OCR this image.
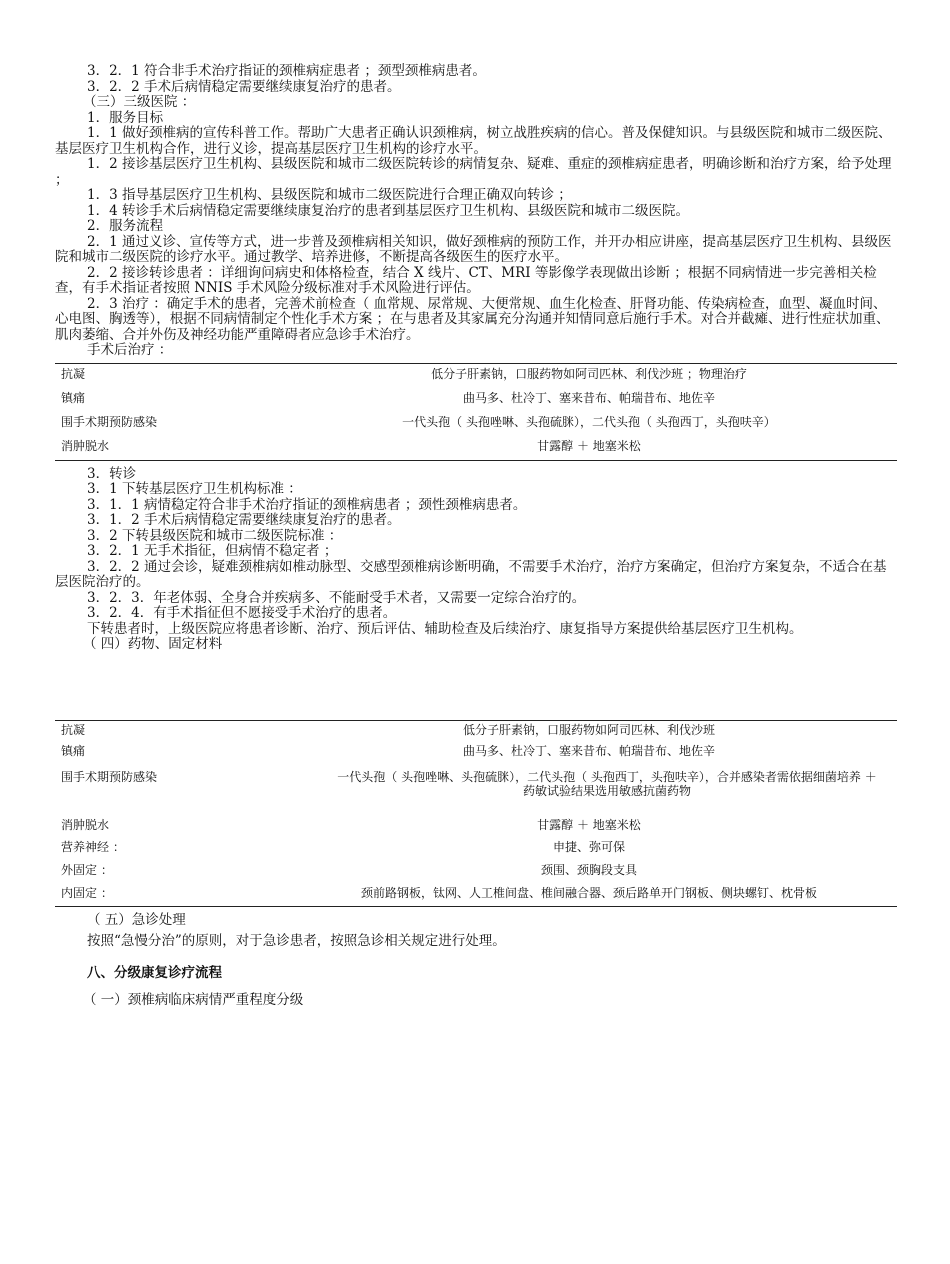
3．2．1 符合非手术治疗指证的颈椎病症患者 ；颈型颈椎病患者。

3．2．2 手术后病情稳定需要继续康复治疗的患者。

（三）三级医院 ：

1．服务目标

1．1 做好颈椎病的宣传科普工作。帮助广大患者正确认识颈椎病，树立战胜疾病的信心。普及保健知识。与县级医院和城市二级医院、基层医疗卫生机构合作，进行义诊，提高基层医疗卫生机构的诊疗水平。

1．2 接诊基层医疗卫生机构、县级医院和城市二级医院转诊的病情复杂、疑难、重症的颈椎病症患者，明确诊断和治疗方案，给予处理 ；

1．3 指导基层医疗卫生机构、县级医院和城市二级医院进行合理正确双向转诊 ；

1．4 转诊手术后病情稳定需要继续康复治疗的患者到基层医疗卫生机构、县级医院和城市二级医院。

2．服务流程

2．1 通过义诊、宣传等方式，进一步普及颈椎病相关知识，做好颈椎病的预防工作，并开办相应讲座，提高基层医疗卫生机构、县级医院和城市二级医院的诊疗水平。通过教学、培养进修，不断提高各级医生的医疗水平。

2．2 接诊转诊患者 ：详细询问病史和体格检查，结合 X 线片、CT、MRI 等影像学表现做出诊断 ；根据不同病情进一步完善相关检查，有手术指证者按照 NNIS 手术风险分级标准对手术风险进行评估。

2．3 治疗 ：确定手术的患者，完善术前检查（ 血常规、尿常规、大便常规、血生化检查、肝肾功能、传染病检查，血型、凝血时间、心电图、胸透等），根据不同病情制定个性化手术方案 ；在与患者及其家属充分沟通并知情同意后施行手术。对合并截瘫、进行性症状加重、肌肉萎缩、合并外伤及神经功能严重障碍者应急诊手术治疗。

手术后治疗 ：

抗凝	低分子肝素钠，口服药物如阿司匹林、利伐沙班 ；物理治疗
镇痛	曲马多、杜冷丁、塞来昔布、帕瑞昔布、地佐辛
围手术期预防感染	一代头孢（ 头孢唑啉、头孢硫脒），二代头孢（ 头孢西丁，头孢呋辛）
消肿脱水	甘露醇 ＋ 地塞米松

3．转诊

3．1 下转基层医疗卫生机构标准 ：

3．1．1 病情稳定符合非手术治疗指证的颈椎病患者 ；颈性颈椎病患者。

3．1．2 手术后病情稳定需要继续康复治疗的患者。

3．2 下转县级医院和城市二级医院标准 ：

3．2．1 无手术指征，但病情不稳定者 ；

3．2．2 通过会诊，疑难颈椎病如椎动脉型、交感型颈椎病诊断明确，不需要手术治疗，治疗方案确定，但治疗方案复杂，不适合在基层医院治疗的。

3．2．3．年老体弱、全身合并疾病多、不能耐受手术者，又需要一定综合治疗的。

3．2．4．有手术指征但不愿接受手术治疗的患者。

下转患者时，上级医院应将患者诊断、治疗、预后评估、辅助检查及后续治疗、康复指导方案提供给基层医疗卫生机构。

（ 四）药物、固定材料

抗凝	低分子肝素钠，口服药物如阿司匹林、利伐沙班
镇痛	曲马多、杜冷丁、塞来昔布、帕瑞昔布、地佐辛
围手术期预防感染	一代头孢（ 头孢唑啉、头孢硫脒），二代头孢（ 头孢西丁，头孢呋辛），合并感染者需依据细菌培养 ＋ 药敏试验结果选用敏感抗菌药物
消肿脱水	甘露醇 ＋ 地塞米松
营养神经 ：	申捷、弥可保
外固定 ：	颈围、颈胸段支具
内固定 ：	颈前路钢板，钛网、人工椎间盘、椎间融合器、颈后路单开门钢板、侧块螺钉、枕骨板

（ 五）急诊处理

按照“急慢分治”的原则，对于急诊患者，按照急诊相关规定进行处理。

八、分级康复诊疗流程

（ 一）颈椎病临床病情严重程度分级
